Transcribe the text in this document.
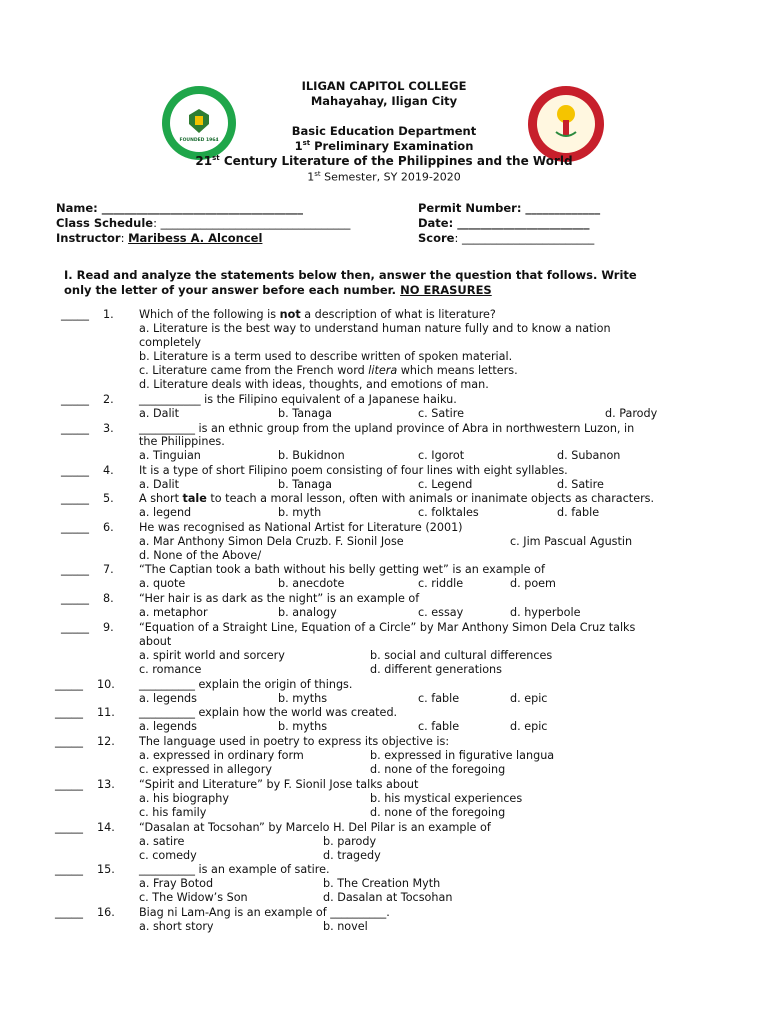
FOUNDED 1964
ILIGAN CAPITOL COLLEGE
Mahayahay, Iligan City
Basic Education Department
1st Preliminary Examination
21st Century Literature of the Philippines and the World
1st Semester, SY 2019-2020
Name: ___________________________________
Class Schedule: _________________________________
Instructor: Maribess A. Alconcel
Permit Number: _____________
Date: _______________________
Score: _______________________
I. Read and analyze the statements below then, answer the question that follows. Write
only the letter of your answer before each number. NO ERASURES
_____ 1. Which of the following is not a description of what is literature?
a. Literature is the best way to understand human nature fully and to know a nation
completely
b. Literature is a term used to describe written of spoken material.
c. Literature came from the French word litera which means letters.
d. Literature deals with ideas, thoughts, and emotions of man.
_____ 2. ___________ is the Filipino equivalent of a Japanese haiku.
a. Dalit	b. Tanaga	c. Satire	d. Parody
_____ 3. __________ is an ethnic group from the upland province of Abra in northwestern Luzon, in
the Philippines.
a. Tinguian	b. Bukidnon	c. Igorot	d. Subanon
_____ 4. It is a type of short Filipino poem consisting of four lines with eight syllables.
a. Dalit	b. Tanaga	c. Legend	d. Satire
_____ 5. A short tale to teach a moral lesson, often with animals or inanimate objects as characters.
a. legend	b. myth	c. folktales	d. fable
_____ 6. He was recognised as National Artist for Literature (2001)
a. Mar Anthony Simon Dela Cruzb. F. Sionil Jose	c. Jim Pascual Agustin
d. None of the Above/
_____ 7. “The Captian took a bath without his belly getting wet” is an example of
a. quote	b. anecdote	c. riddle	d. poem
_____ 8. “Her hair is as dark as the night” is an example of
a. metaphor	b. analogy	c. essay	d. hyperbole
_____ 9. “Equation of a Straight Line, Equation of a Circle” by Mar Anthony Simon Dela Cruz talks
about
a. spirit world and sorcery	b. social and cultural differences
c. romance	d. different generations
_____ 10. __________ explain the origin of things.
a. legends	b. myths	c. fable	d. epic
_____ 11. __________ explain how the world was created.
a. legends	b. myths	c. fable	d. epic
_____ 12. The language used in poetry to express its objective is:
a. expressed in ordinary form	b. expressed in figurative langua
c. expressed in allegory	d. none of the foregoing
_____ 13. “Spirit and Literature” by F. Sionil Jose talks about
a. his biography	b. his mystical experiences
c. his family	d. none of the foregoing
_____ 14. “Dasalan at Tocsohan” by Marcelo H. Del Pilar is an example of
a. satire	b. parody
c. comedy	d. tragedy
_____ 15. __________ is an example of satire.
a. Fray Botod	b. The Creation Myth
c. The Widow’s Son	d. Dasalan at Tocsohan
_____ 16. Biag ni Lam-Ang is an example of __________.
a. short story	b. novel
